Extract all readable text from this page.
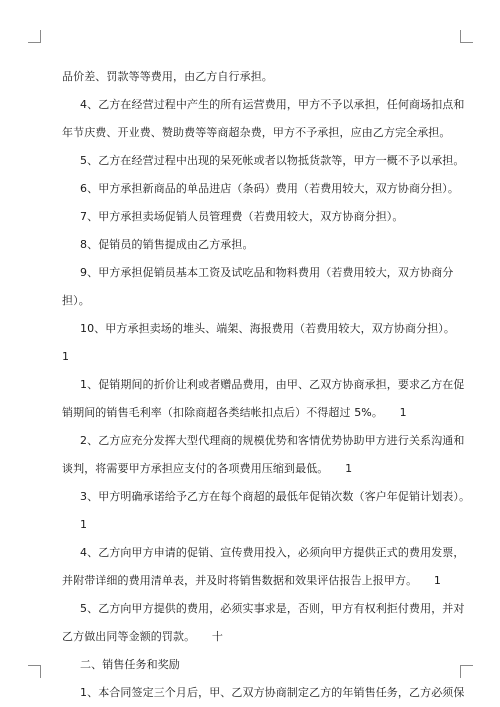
品价差、罚款等等费用，由乙方自行承担。
4、乙方在经营过程中产生的所有运营费用，甲方不予以承担，任何商场扣点和
年节庆费、开业费、赞助费等等商超杂费，甲方不予承担，应由乙方完全承担。
5、乙方在经营过程中出现的呆死帐或者以物抵货款等，甲方一概不予以承担。
6、甲方承担新商品的单品进店（条码）费用（若费用较大，双方协商分担）。
7、甲方承担卖场促销人员管理费（若费用较大，双方协商分担）。
8、促销员的销售提成由乙方承担。
9、甲方承担促销员基本工资及试吃品和物料费用（若费用较大，双方协商分
担）。
10、甲方承担卖场的堆头、端架、海报费用（若费用较大，双方协商分担）。
1
1、促销期间的折价让利或者赠品费用，由甲、乙双方协商承担，要求乙方在促
销期间的销售毛利率（扣除商超各类结帐扣点后）不得超过 5%。　　1
2、乙方应充分发挥大型代理商的规模优势和客情优势协助甲方进行关系沟通和
谈判，将需要甲方承担应支付的各项费用压缩到最低。　　1
3、甲方明确承诺给予乙方在每个商超的最低年促销次数（客户年促销计划表）。
1
4、乙方向甲方申请的促销、宣传费用投入，必须向甲方提供正式的费用发票，
并附带详细的费用清单表，并及时将销售数据和效果评估报告上报甲方。　　1
5、乙方向甲方提供的费用，必须实事求是，否则，甲方有权利拒付费用，并对
乙方做出同等金额的罚款。　　十
二、销售任务和奖励
1、本合同签定三个月后，甲、乙双方协商制定乙方的年销售任务，乙方必须保
